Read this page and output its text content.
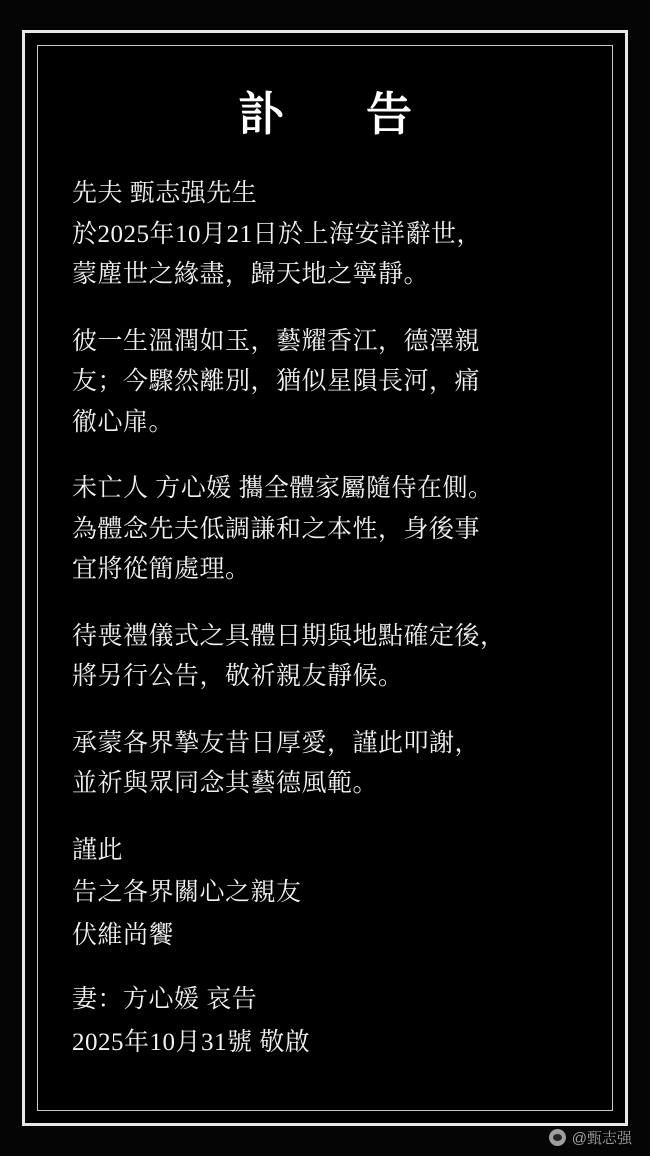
訃　告
先夫 甄志强先生
於2025年10月21日於上海安詳辭世，
蒙塵世之緣盡，歸天地之寧靜。
彼一生溫潤如玉，藝耀香江，德澤親
友；今驟然離別，猶似星隕長河，痛
徹心扉。
未亡人 方心媛 攜全體家屬隨侍在側。
為體念先夫低調謙和之本性，身後事
宜將從簡處理。
待喪禮儀式之具體日期與地點確定後，
將另行公告，敬祈親友靜候。
承蒙各界摯友昔日厚愛，謹此叩謝，
並祈與眾同念其藝德風範。
謹此
告之各界關心之親友
伏維尚饗
妻：方心媛 哀告
2025年10月31號 敬啟
@甄志强
